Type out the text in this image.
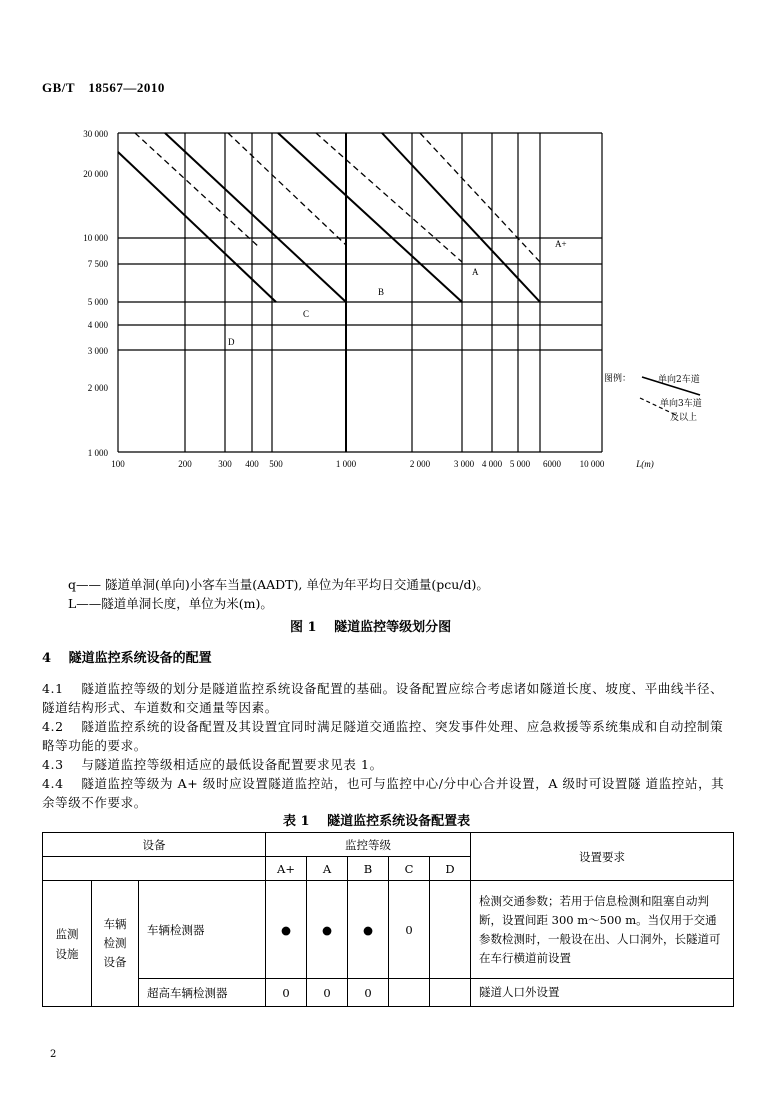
GB/T　18567—2010
30 000
20 000
10 000
7 500
5 000
4 000
3 000
2 000
1 000
100	200	300 400 500	1 000	2 000	3 000 4 000 5 000 6000 10 000	L(m)
A+
A
B
C
D
图例：	单向2车道
单向3车道
及以上
q—— 隧道单洞(单向)小客车当量(AADT), 单位为年平均日交通量(pcu/d)。
L——隧道单洞长度，单位为米(m)。
图 1　 隧道监控等级划分图
4　 隧道监控系统设备的配置
4.1　 隧道监控等级的划分是隧道监控系统设备配置的基础。设备配置应综合考虑诸如隧道长度、坡度、平曲线半径、隧道结构形式、车道数和交通量等因素。
4.2　 隧道监控系统的设备配置及其设置宜同时满足隧道交通监控、突发事件处理、应急救援等系统集成和自动控制策略等功能的要求。
4.3　 与隧道监控等级相适应的最低设备配置要求见表 1。
4.4　 隧道监控等级为 A+ 级时应设置隧道监控站，也可与监控中心/分中心合并设置，A 级时可设置隧 道监控站，其余等级不作要求。
表 1　 隧道监控系统设备配置表
设备			监控等级					设置要求
			A+	A	B	C	D	
监测设施	车辆检测设备	车辆检测器	●	●	●	0		检测交通参数；若用于信息检测和阻塞自动判断，设置间距 300 m～500 m。当仅用于交通参数检测时，一般设在出、人口洞外，长隧道可在车行横道前设置
		超高车辆检测器	0	0	0			隧道人口外设置
2
